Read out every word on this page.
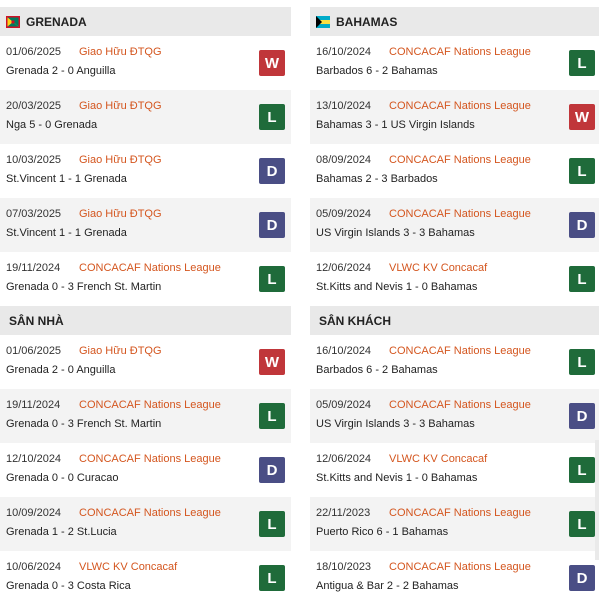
GRENADA
01/06/2025 Giao Hữu ĐTQG
Grenada 2 - 0 Anguilla	W
20/03/2025 Giao Hữu ĐTQG
Nga 5 - 0 Grenada	L
10/03/2025 Giao Hữu ĐTQG
St.Vincent 1 - 1 Grenada	D
07/03/2025 Giao Hữu ĐTQG
St.Vincent 1 - 1 Grenada	D
19/11/2024 CONCACAF Nations League
Grenada 0 - 3 French St. Martin	L
BAHAMAS
16/10/2024 CONCACAF Nations League
Barbados 6 - 2 Bahamas	L
13/10/2024 CONCACAF Nations League
Bahamas 3 - 1 US Virgin Islands	W
08/09/2024 CONCACAF Nations League
Bahamas 2 - 3 Barbados	L
05/09/2024 CONCACAF Nations League
US Virgin Islands 3 - 3 Bahamas	D
12/06/2024 VLWC KV Concacaf
St.Kitts and Nevis 1 - 0 Bahamas	L
SÂN NHÀ
01/06/2025 Giao Hữu ĐTQG
Grenada 2 - 0 Anguilla	W
19/11/2024 CONCACAF Nations League
Grenada 0 - 3 French St. Martin	L
12/10/2024 CONCACAF Nations League
Grenada 0 - 0 Curacao	D
10/09/2024 CONCACAF Nations League
Grenada 1 - 2 St.Lucia	L
10/06/2024 VLWC KV Concacaf
Grenada 0 - 3 Costa Rica	L
SÂN KHÁCH
16/10/2024 CONCACAF Nations League
Barbados 6 - 2 Bahamas	L
05/09/2024 CONCACAF Nations League
US Virgin Islands 3 - 3 Bahamas	D
12/06/2024 VLWC KV Concacaf
St.Kitts and Nevis 1 - 0 Bahamas	L
22/11/2023 CONCACAF Nations League
Puerto Rico 6 - 1 Bahamas	L
18/10/2023 CONCACAF Nations League
Antigua & Bar 2 - 2 Bahamas	D
